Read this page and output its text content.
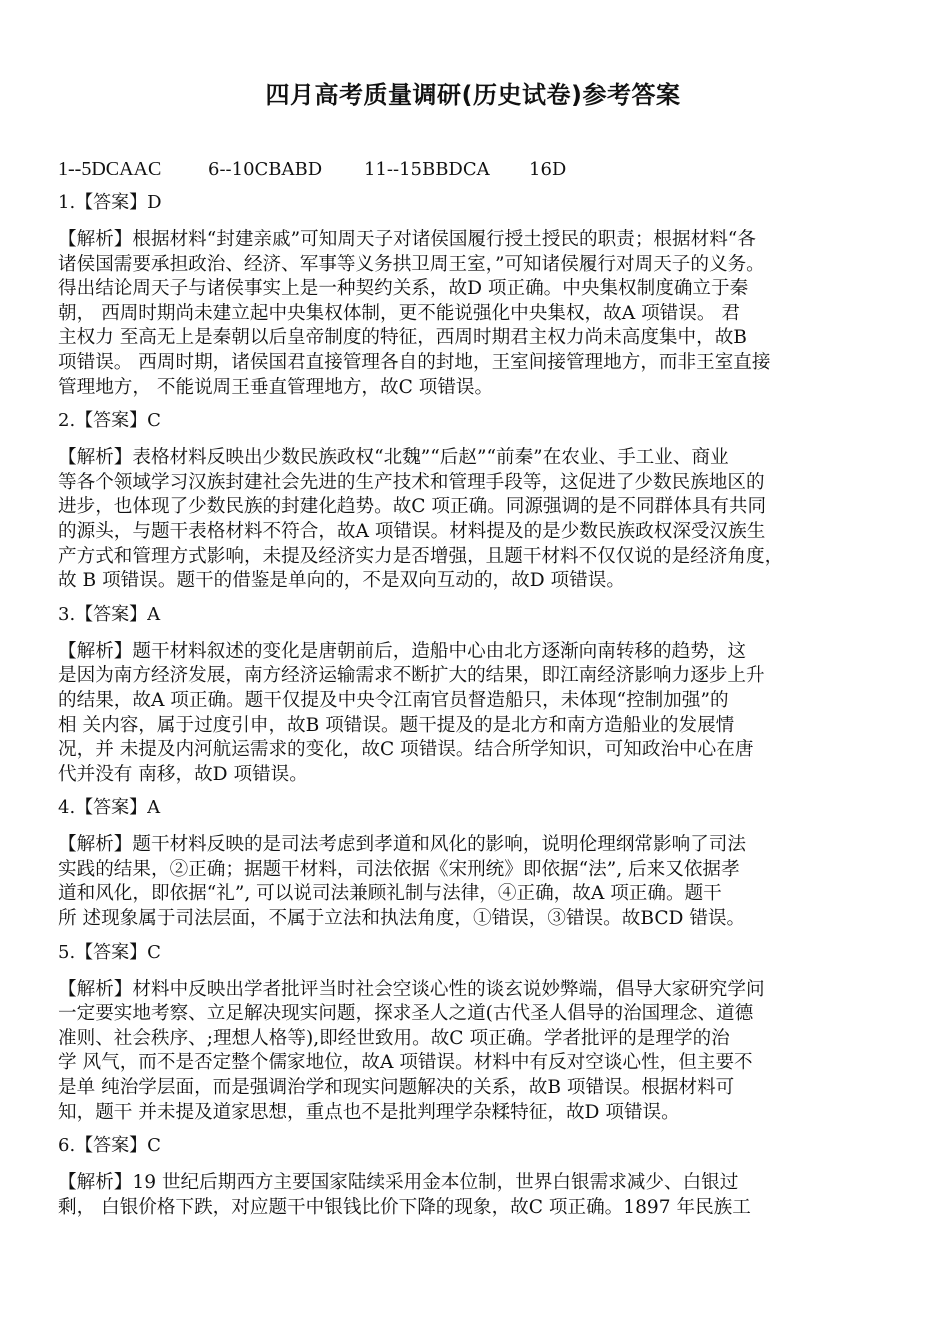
四月高考质量调研(历史试卷)参考答案
1--5DCAAC	6--10CBABD 11--15BBDCA 16D
1.【答案】D
【解析】根据材料“封建亲戚”可知周天子对诸侯国履行授土授民的职责；根据材料“各
诸侯国需要承担政治、经济、军事等义务拱卫周王室，”可知诸侯履行对周天子的义务。
得出结论周天子与诸侯事实上是一种契约关系，故D 项正确。中央集权制度确立于秦
朝， 西周时期尚未建立起中央集权体制，更不能说强化中央集权，故A 项错误。 君
主权力 至高无上是秦朝以后皇帝制度的特征，西周时期君主权力尚未高度集中，故B
项错误。 西周时期，诸侯国君直接管理各自的封地，王室间接管理地方，而非王室直接
管理地方， 不能说周王垂直管理地方，故C 项错误。
2.【答案】C
【解析】表格材料反映出少数民族政权“北魏”“后赵”“前秦”在农业、手工业、商业
等各个领域学习汉族封建社会先进的生产技术和管理手段等，这促进了少数民族地区的
进步，也体现了少数民族的封建化趋势。故C 项正确。同源强调的是不同群体具有共同
的源头，与题干表格材料不符合，故A 项错误。材料提及的是少数民族政权深受汉族生
产方式和管理方式影响，未提及经济实力是否增强，且题干材料不仅仅说的是经济角度，
故 B 项错误。题干的借鉴是单向的，不是双向互动的，故D 项错误。
3.【答案】A
【解析】题干材料叙述的变化是唐朝前后，造船中心由北方逐渐向南转移的趋势，这
是因为南方经济发展，南方经济运输需求不断扩大的结果，即江南经济影响力逐步上升
的结果，故A 项正确。题干仅提及中央令江南官员督造船只，未体现“控制加强”的
相 关内容，属于过度引申，故B 项错误。题干提及的是北方和南方造船业的发展情
况，并 未提及内河航运需求的变化，故C 项错误。结合所学知识，可知政治中心在唐
代并没有 南移，故D 项错误。
4.【答案】A
【解析】题干材料反映的是司法考虑到孝道和风化的影响，说明伦理纲常影响了司法
实践的结果，②正确；据题干材料，司法依据《宋刑统》即依据“法”, 后来又依据孝
道和风化，即依据“礼”, 可以说司法兼顾礼制与法律，④正确，故A 项正确。题干
所 述现象属于司法层面，不属于立法和执法角度，①错误，③错误。故BCD 错误。
5.【答案】C
【解析】材料中反映出学者批评当时社会空谈心性的谈玄说妙弊端，倡导大家研究学问
一定要实地考察、立足解决现实问题，探求圣人之道(古代圣人倡导的治国理念、道德
准则、社会秩序、;理想人格等),即经世致用。故C 项正确。学者批评的是理学的治
学 风气，而不是否定整个儒家地位，故A 项错误。材料中有反对空谈心性，但主要不
是单 纯治学层面，而是强调治学和现实问题解决的关系，故B 项错误。根据材料可
知，题干 并未提及道家思想，重点也不是批判理学杂糅特征，故D 项错误。
6.【答案】C
【解析】19 世纪后期西方主要国家陆续采用金本位制，世界白银需求减少、白银过
剩， 白银价格下跌，对应题干中银钱比价下降的现象，故C 项正确。1897 年民族工
